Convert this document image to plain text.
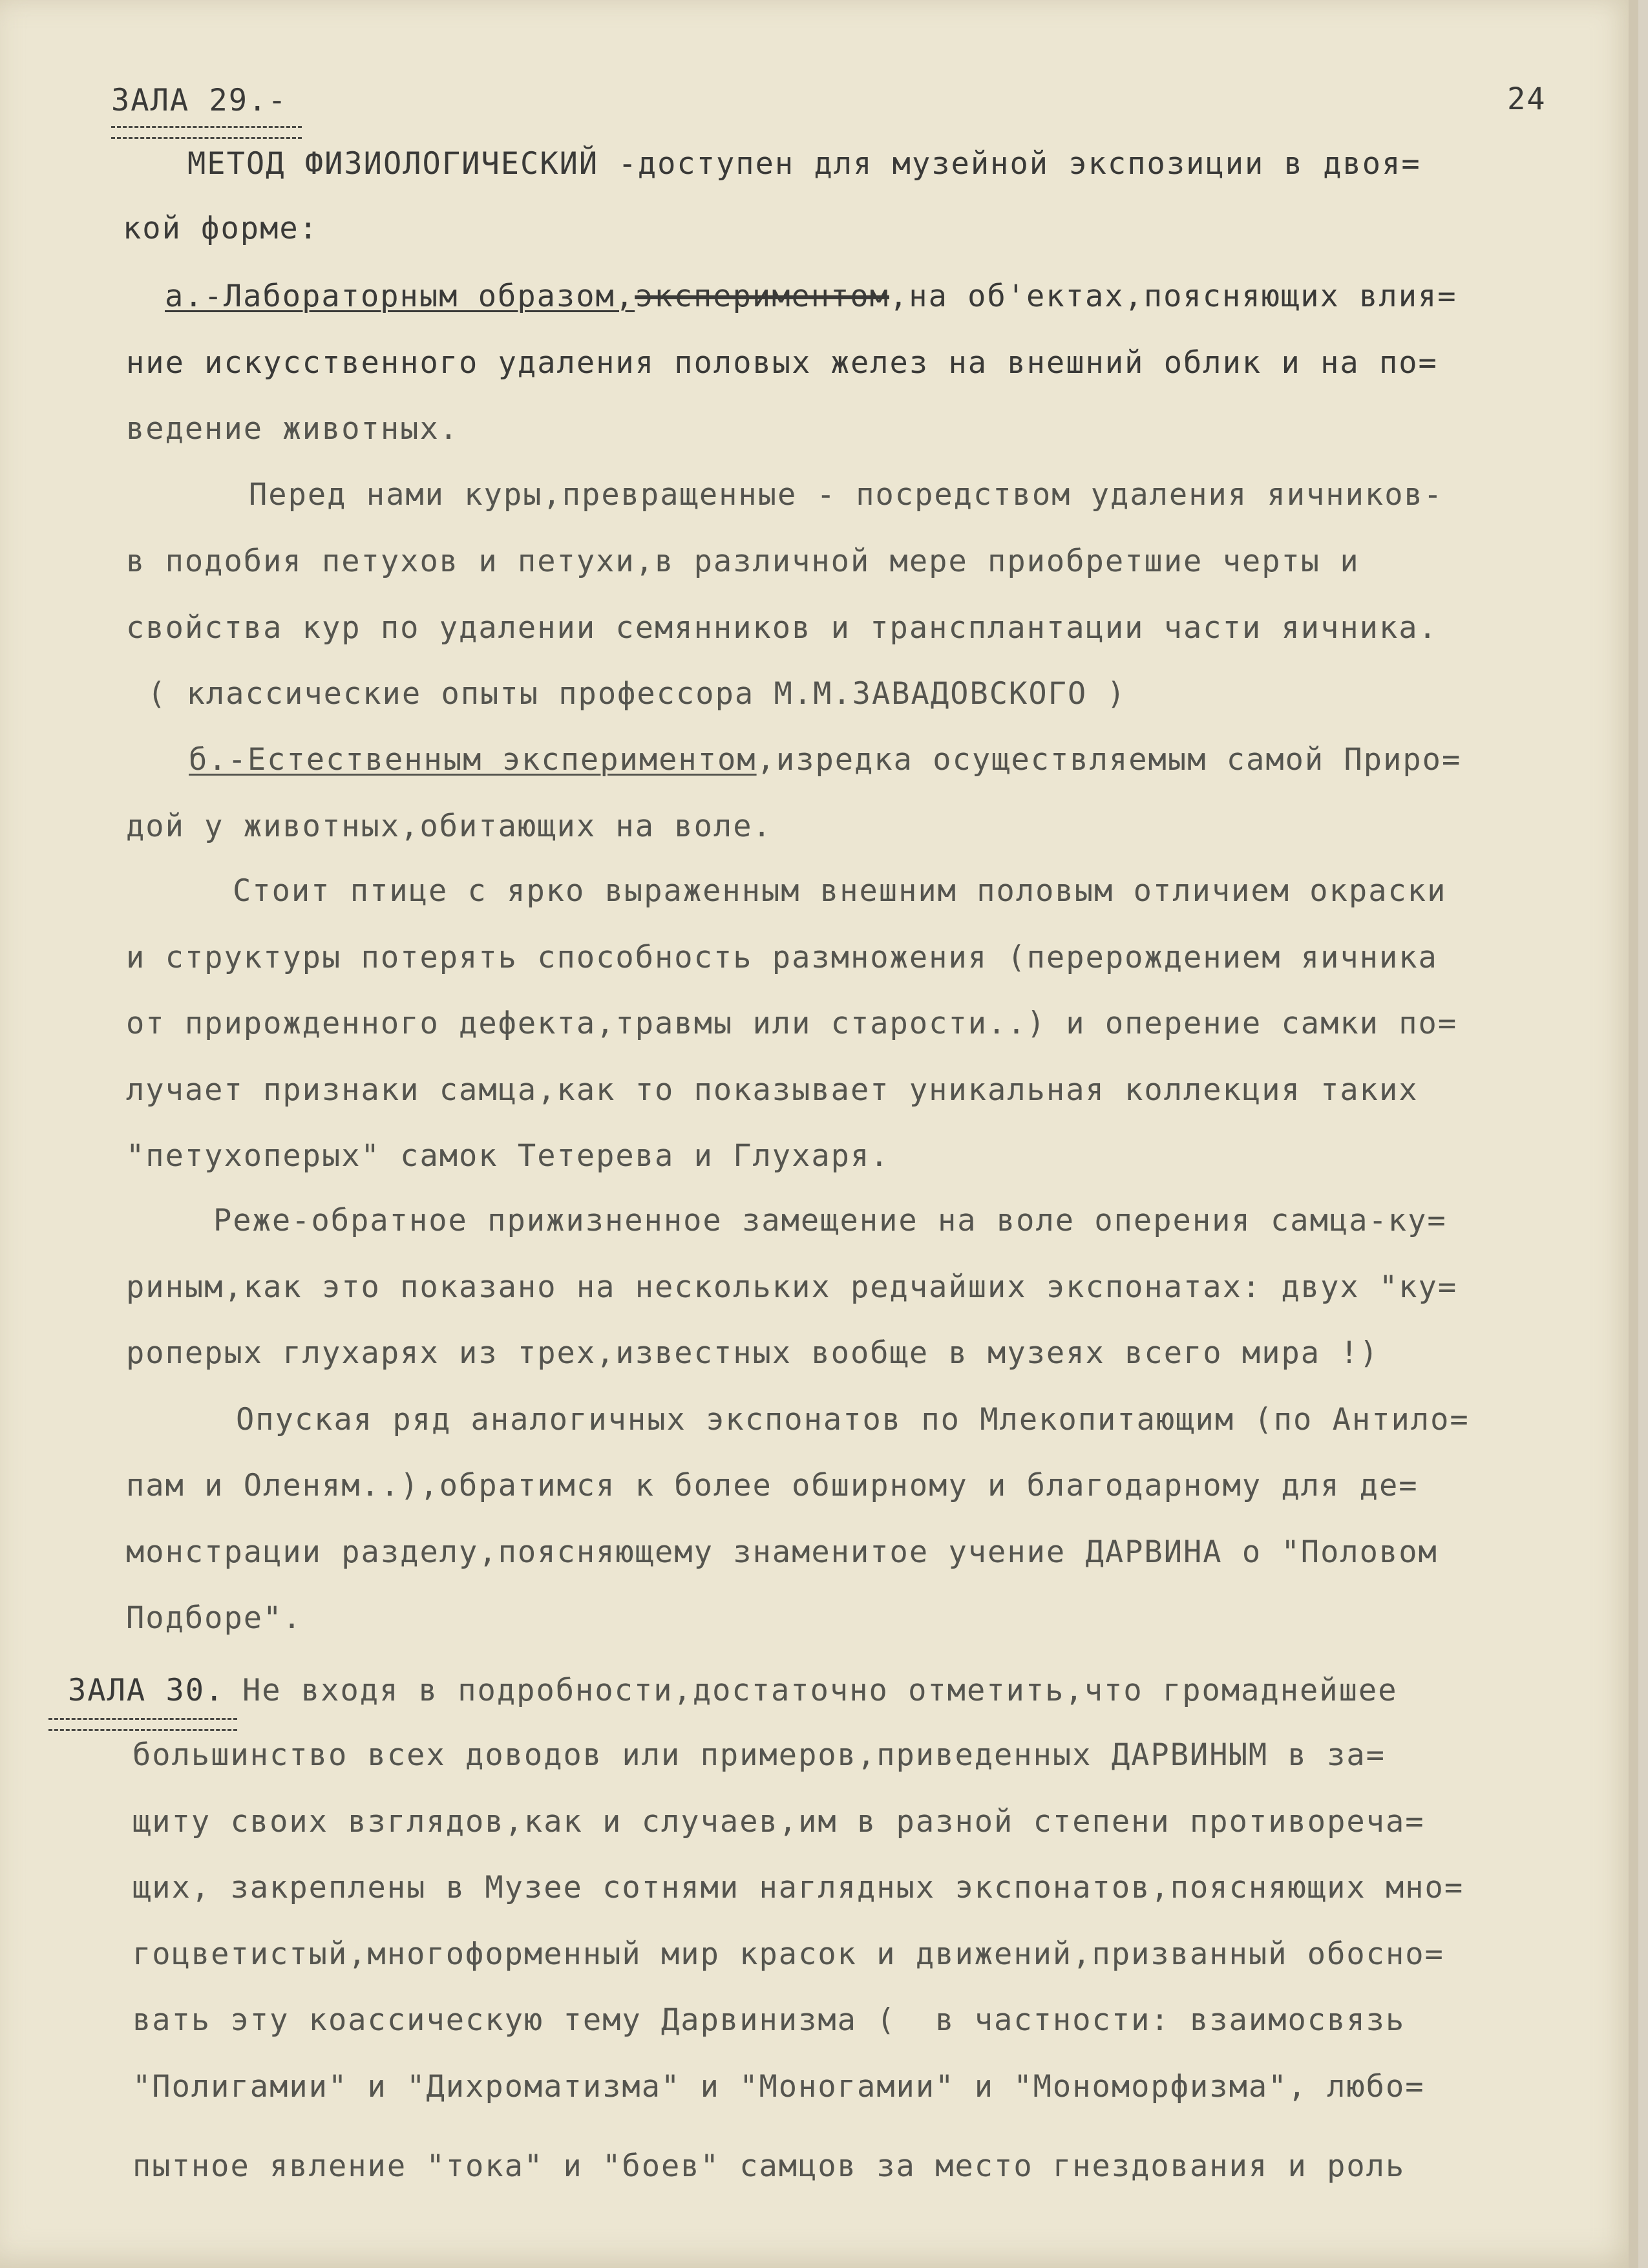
ЗАЛА 29.-	24
МЕТОД ФИЗИОЛОГИЧЕСКИЙ -доступен для музейной экспозиции в двоя=
кой форме:
а.-Лабораторным образом,экспериментом,на об'ектах,поясняющих влия=
ние искусственного удаления половых желез на внешний облик и на по=
ведение животных.
Перед нами куры,превращенные - посредством удаления яичников-
в подобия петухов и петухи,в различной мере приобретшие черты и
свойства кур по удалении семянников и трансплантации части яичника.
( классические опыты профессора М.М.ЗАВАДОВСКОГО )
б.-Естественным экспериментом,изредка осуществляемым самой Приро=
дой у животных,обитающих на воле.
Стоит птице с ярко выраженным внешним половым отличием окраски
и структуры потерять способность размножения (перерождением яичника
от прирожденного дефекта,травмы или старости..) и оперение самки по=
лучает признаки самца,как то показывает уникальная коллекция таких
"петухоперых" самок Тетерева и Глухаря.
Реже-обратное прижизненное замещение на воле оперения самца-ку=
риным,как это показано на нескольких редчайших экспонатах: двух "ку=
роперых глухарях из трех,известных вообще в музеях всего мира !)
Опуская ряд аналогичных экспонатов по Млекопитающим (по Антило=
пам и Оленям..),обратимся к более обширному и благодарному для де=
монстрации разделу,поясняющему знаменитое учение ДАРВИНА о "Половом
Подборе".
ЗАЛА 30. Не входя в подробности,достаточно отметить,что громаднейшее
большинство всех доводов или примеров,приведенных ДАРВИНЫМ в за=
щиту своих взглядов,как и случаев,им в разной степени противореча=
щих, закреплены в Музее сотнями наглядных экспонатов,поясняющих мно=
гоцветистый,многоформенный мир красок и движений,призванный обосно=
вать эту коассическую тему Дарвинизма (  в частности: взаимосвязь
"Полигамии" и "Дихроматизма" и "Моногамии" и "Мономорфизма", любо=
пытное явление "тока" и "боев" самцов за место гнездования и роль
